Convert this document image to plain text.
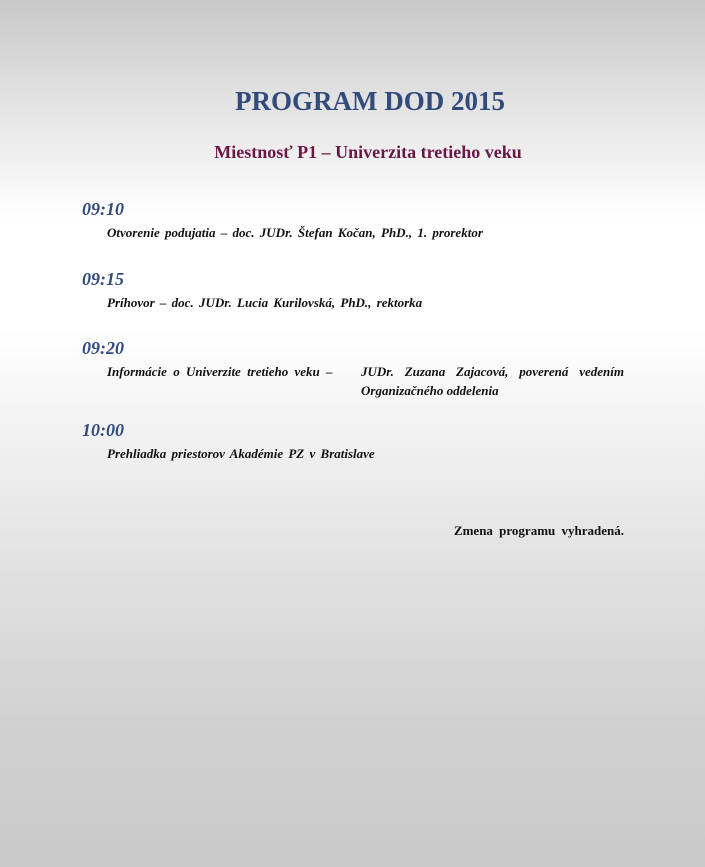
PROGRAM DOD 2015
Miestnosť P1 – Univerzita tretieho veku
09:10
Otvorenie podujatia – doc. JUDr. Štefan Kočan, PhD., 1. prorektor
09:15
Príhovor – doc. JUDr. Lucia Kurilovská, PhD., rektorka
09:20
Informácie o Univerzite tretieho veku –	JUDr. Zuzana Zajacová, poverená vedením Organizačného oddelenia
10:00
Prehliadka priestorov Akadémie PZ v Bratislave
Zmena programu vyhradená.
